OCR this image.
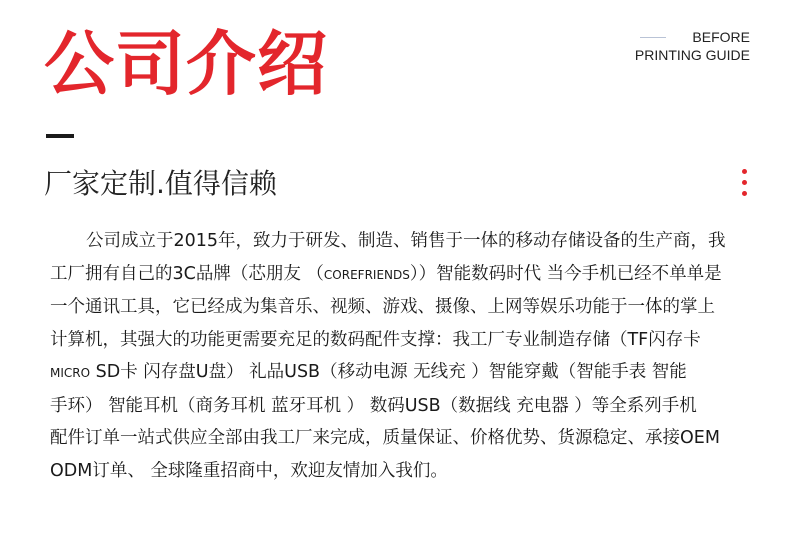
公司介绍	BEFORE
PRINTING GUIDE
厂家定制.值得信赖
公司成立于2015年，致力于研发、制造、销售于一体的移动存储设备的生产商，我
工厂拥有自己的3C品牌（芯朋友 （COREFRIENDS））智能数码时代 当今手机已经不单单是
一个通讯工具，它已经成为集音乐、视频、游戏、摄像、上网等娱乐功能于一体的掌上
计算机，其强大的功能更需要充足的数码配件支撑：我工厂专业制造存储（TF闪存卡
MICRO SD卡 闪存盘U盘） 礼品USB（移动电源 无线充 ）智能穿戴（智能手表 智能
手环） 智能耳机（商务耳机 蓝牙耳机 ） 数码USB（数据线 充电器 ）等全系列手机
配件订单一站式供应全部由我工厂来完成，质量保证、价格优势、货源稳定、承接OEM
ODM订单、 全球隆重招商中，欢迎友情加入我们。
